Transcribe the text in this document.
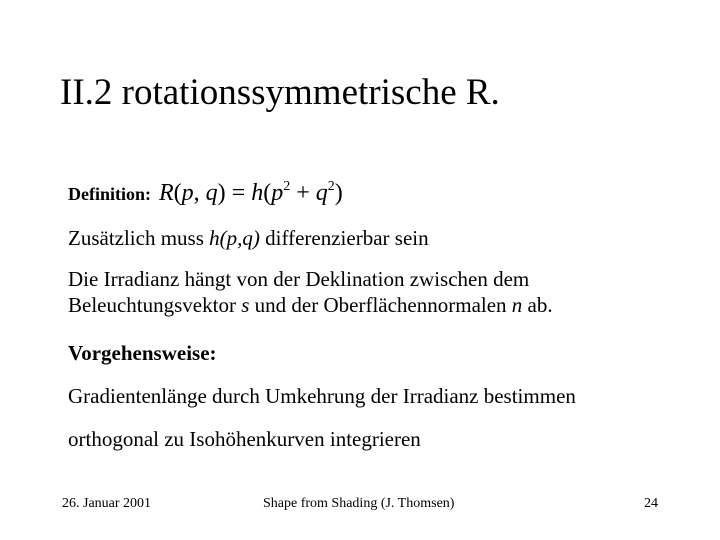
II.2 rotationssymmetrische R.
Definition: R(p, $q) = h(p^2 + q^2)$
Zusätzlich muss h(p,q) differenzierbar sein
Die Irradianz hängt von der Deklination zwischen dem
Beleuchtungsvektor s und der Oberflächennormalen n ab.
Vorgehensweise:
Gradientenlänge durch Umkehrung der Irradianz bestimmen
orthogonal zu Isohöhenkurven integrieren
26. Januar 2001	Shape from Shading (J. Thomsen)	24
